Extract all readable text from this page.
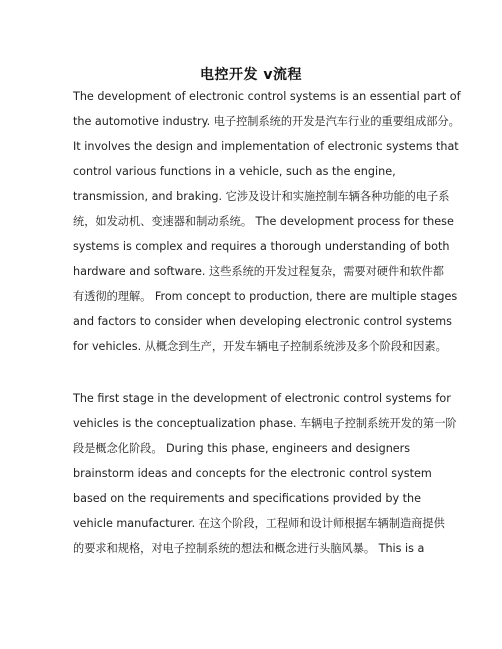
电控开发 v流程
The development of electronic control systems is an essential part of
the automotive industry. 电子控制系统的开发是汽车行业的重要组成部分。
It involves the design and implementation of electronic systems that
control various functions in a vehicle, such as the engine,
transmission, and braking. 它涉及设计和实施控制车辆各种功能的电子系
统，如发动机、变速器和制动系统。 The development process for these
systems is complex and requires a thorough understanding of both
hardware and software. 这些系统的开发过程复杂，需要对硬件和软件都
有透彻的理解。 From concept to production, there are multiple stages
and factors to consider when developing electronic control systems
for vehicles. 从概念到生产，开发车辆电子控制系统涉及多个阶段和因素。
The first stage in the development of electronic control systems for
vehicles is the conceptualization phase. 车辆电子控制系统开发的第一阶
段是概念化阶段。 During this phase, engineers and designers
brainstorm ideas and concepts for the electronic control system
based on the requirements and specifications provided by the
vehicle manufacturer. 在这个阶段，工程师和设计师根据车辆制造商提供
的要求和规格，对电子控制系统的想法和概念进行头脑风暴。 This is a
